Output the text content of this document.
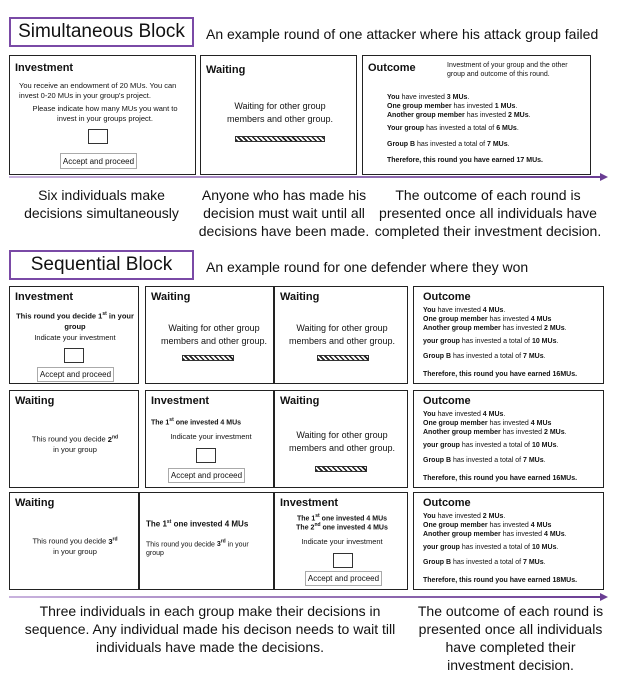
Simultaneous Block An example round of one attacker where his attack group failed
Investment
You receive an endowment of 20 MUs. You can invest 0-20 MUs in your group's project.
Please indicate how many MUs you want to invest in your groups project.
Accept and proceed
Waiting
Waiting for other group members and other group.
Outcome	Investment of your group and the other group and outcome of this round.
You have invested 3 MUs.
One group member has invested 1 MUs.
Another group member has invested 2 MUs.
Your group has invested a total of 6 MUs.
Group B has invested a total of 7 MUs.
Therefore, this round you have earned 17 MUs.
Six individuals make decisions simultaneously
Anyone who has made his decision must wait until all decisions have been made.
The outcome of each round is presented once all individuals have completed their investment decision.
Sequential Block An example round for one defender where they won
Investment
This round you decide 1st in your group
Indicate your investment
Accept and proceed
Waiting
Waiting for other group members and other group.
Waiting
Waiting for other group members and other group.
Waiting
This round you decide 2nd in your group
Investment
The 1st one invested 4 MUs
Indicate your investment
Accept and proceed
Waiting
Waiting for other group members and other group.
Waiting
This round you decide 3rd in your group
The 1st one invested 4 MUs
This round you decide 3rd in your group
Investment
The 1st one invested 4 MUs
The 2nd one invested 4 MUs
Indicate your investment
Accept and proceed
Outcome
You have invested 4 MUs.
One group member has invested 4 MUs
Another group member has invested 2 MUs.
your group has invested a total of 10 MUs.
Group B has invested a total of 7 MUs.
Therefore, this round you have earned 16MUs.
Outcome
You have invested 4 MUs.
One group member has invested 4 MUs
Another group member has invested 2 MUs.
your group has invested a total of 10 MUs.
Group B has invested a total of 7 MUs.
Therefore, this round you have earned 16MUs.
Outcome
You have invested 2 MUs.
One group member has invested 4 MUs
Another group member has invested 4 MUs.
your group has invested a total of 10 MUs.
Group B has invested a total of 7 MUs.
Therefore, this round you have earned 18MUs.
Three individuals in each group make their decisions in sequence. Any individual made his decison needs to wait till individuals have made the decisions.
The outcome of each round is presented once all individuals have completed their investment decision.
